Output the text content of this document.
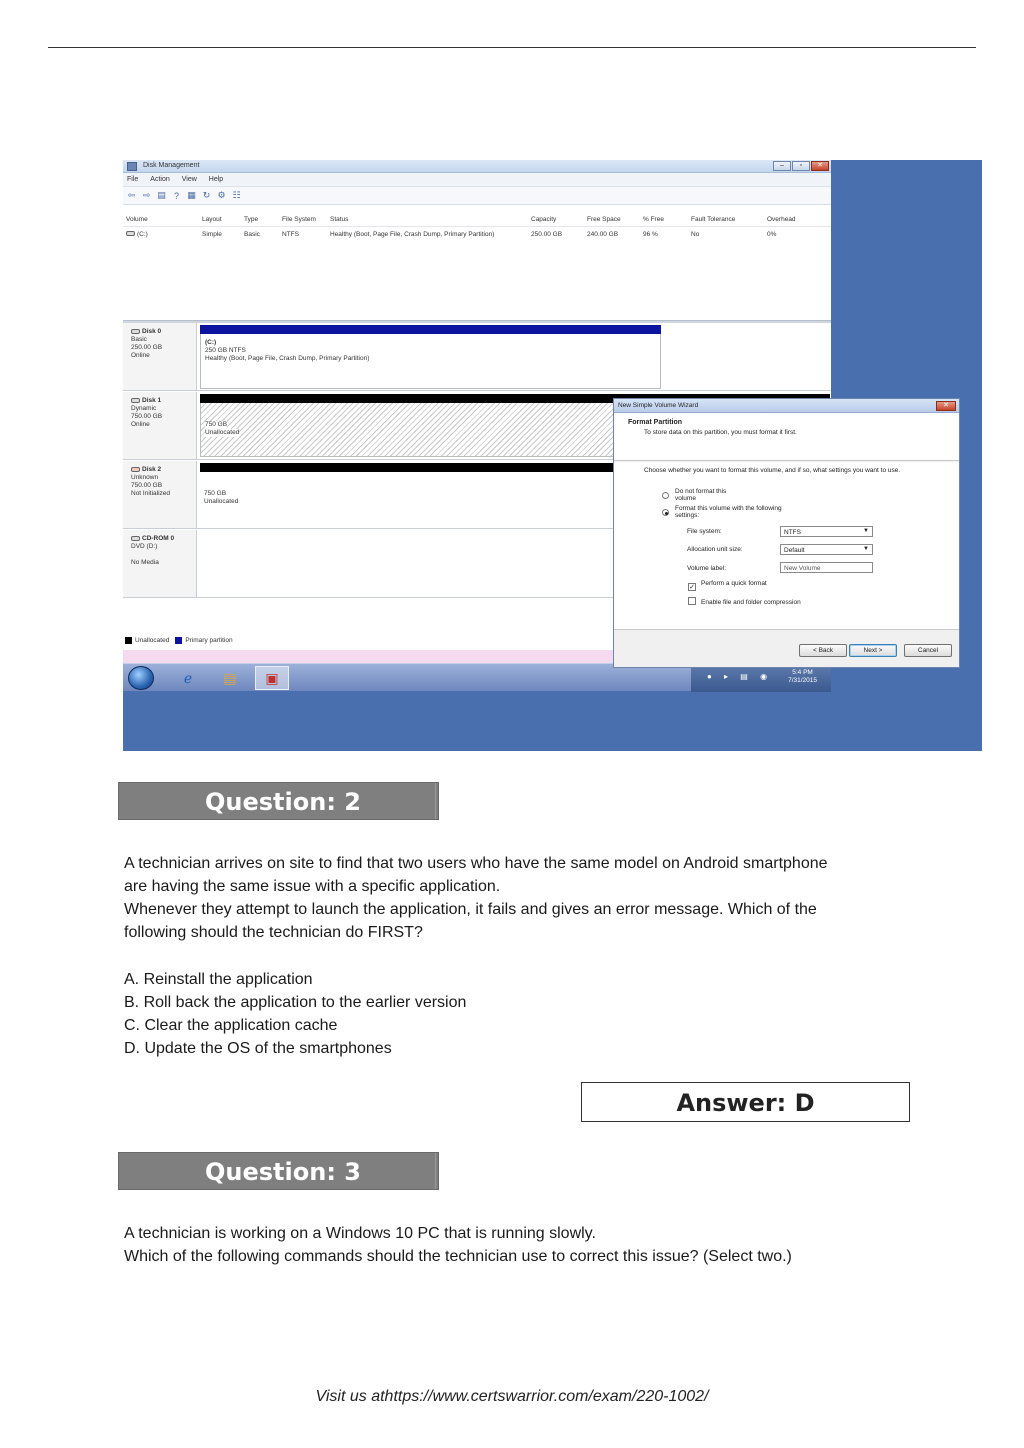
Disk Management	–	▫	✕
File Action View Help
⇦ ⇨ ▤ ? ▦ ↻ ⚙ ☷
Volume	Layout	Type	File System	Status	Capacity	Free Space	% Free	Fault Tolerance	Overhead
(C:)	Simple	Basic	NTFS	Healthy (Boot, Page File, Crash Dump, Primary Partition)	250.00 GB	240.00 GB	96 %	No	0%
Disk 0
Basic
250.00 GB
Online
(C:)
250 GB NTFS
Healthy (Boot, Page File, Crash Dump, Primary Partition)
Disk 1
Dynamic
750.00 GB
Online	750 GB
Unallocated
Disk 2
Unknown
750.00 GB
Not Initialized	750 GB
Unallocated
CD-ROM 0
DVD (D:)

No Media
Unallocated Primary partition
ℯ	▤	▣	● ▸ ▤ ◉	5:4 PM
7/31/2015
New Simple Volume Wizard	✕
Format Partition
To store data on this partition, you must format it first.
Choose whether you want to format this volume, and if so, what settings you want to use.
Do not format this volume
Format this volume with the following settings:
File system:	NTFS ▼
Allocation unit size:	Default ▼
Volume label:	New Volume
✓
Perform a quick format
Enable file and folder compression
< Back	Next >	Cancel
Question: 2
A technician arrives on site to find that two users who have the same model on Android smartphone
are having the same issue with a specific application.
Whenever they attempt to launch the application, it fails and gives an error message. Which of the
following should the technician do FIRST?
A. Reinstall the application
B. Roll back the application to the earlier version
C. Clear the application cache
D. Update the OS of the smartphones
Answer: D
Question: 3
A technician is working on a Windows 10 PC that is running slowly.
Which of the following commands should the technician use to correct this issue? (Select two.)
Visit us athttps://www.certswarrior.com/exam/220-1002/
